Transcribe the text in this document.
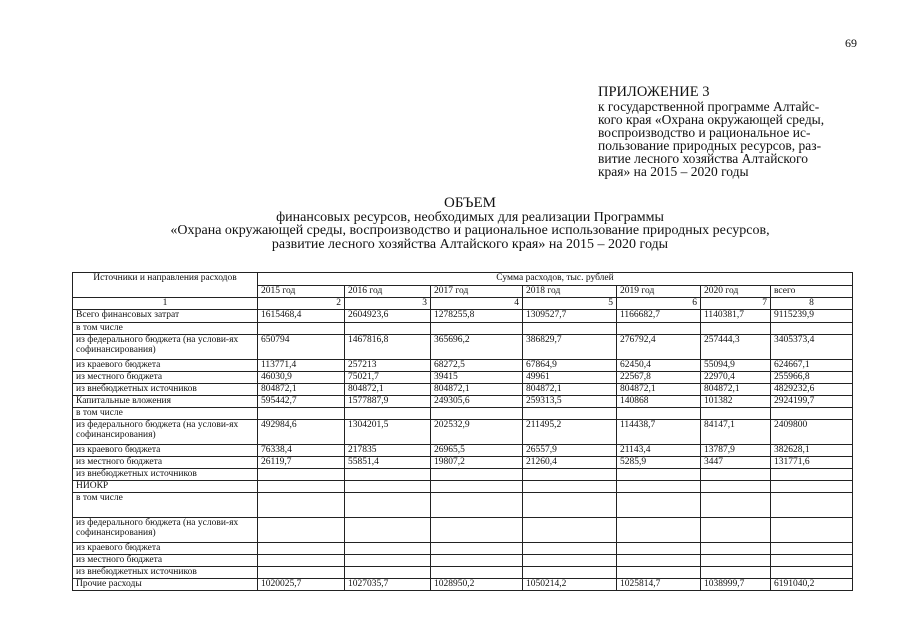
69
ПРИЛОЖЕНИЕ 3
к государственной программе Алтайс-
кого края «Охрана окружающей среды,
воспроизводство и рациональное ис-
пользование природных ресурсов, раз-
витие лесного хозяйства Алтайского
края» на 2015 – 2020 годы
ОБЪЕМ
финансовых ресурсов, необходимых для реализации Программы
«Охрана окружающей среды, воспроизводство и рациональное использование природных ресурсов,
развитие лесного хозяйства Алтайского края» на 2015 – 2020 годы
Источники и направления расходов	Сумма расходов, тыс. рублей						
	2015 год	2016 год	2017 год	2018 год	2019 год	2020 год	всего
1	2	3	4	5	6	7	8
Всего финансовых затрат	1615468,4	2604923,6	1278255,8	1309527,7	1166682,7	1140381,7	9115239,9
в том числе							
из федерального бюджета (на услови-ях софинансирования)	650794	1467816,8	365696,2	386829,7	276792,4	257444,3	3405373,4
из краевого бюджета	113771,4	257213	68272,5	67864,9	62450,4	55094,9	624667,1
из местного бюджета	46030,9	75021,7	39415	49961	22567,8	22970,4	255966,8
из внебюджетных источников	804872,1	804872,1	804872,1	804872,1	804872,1	804872,1	4829232,6
Капитальные вложения	595442,7	1577887,9	249305,6	259313,5	140868	101382	2924199,7
в том числе							
из федерального бюджета (на услови-ях софинансирования)	492984,6	1304201,5	202532,9	211495,2	114438,7	84147,1	2409800
из краевого бюджета	76338,4	217835	26965,5	26557,9	21143,4	13787,9	382628,1
из местного бюджета	26119,7	55851,4	19807,2	21260,4	5285,9	3447	131771,6
из внебюджетных источников							
НИОКР							
в том числе							
из федерального бюджета (на услови-ях софинансирования)							
из краевого бюджета							
из местного бюджета							
из внебюджетных источников							
Прочие расходы	1020025,7	1027035,7	1028950,2	1050214,2	1025814,7	1038999,7	6191040,2
